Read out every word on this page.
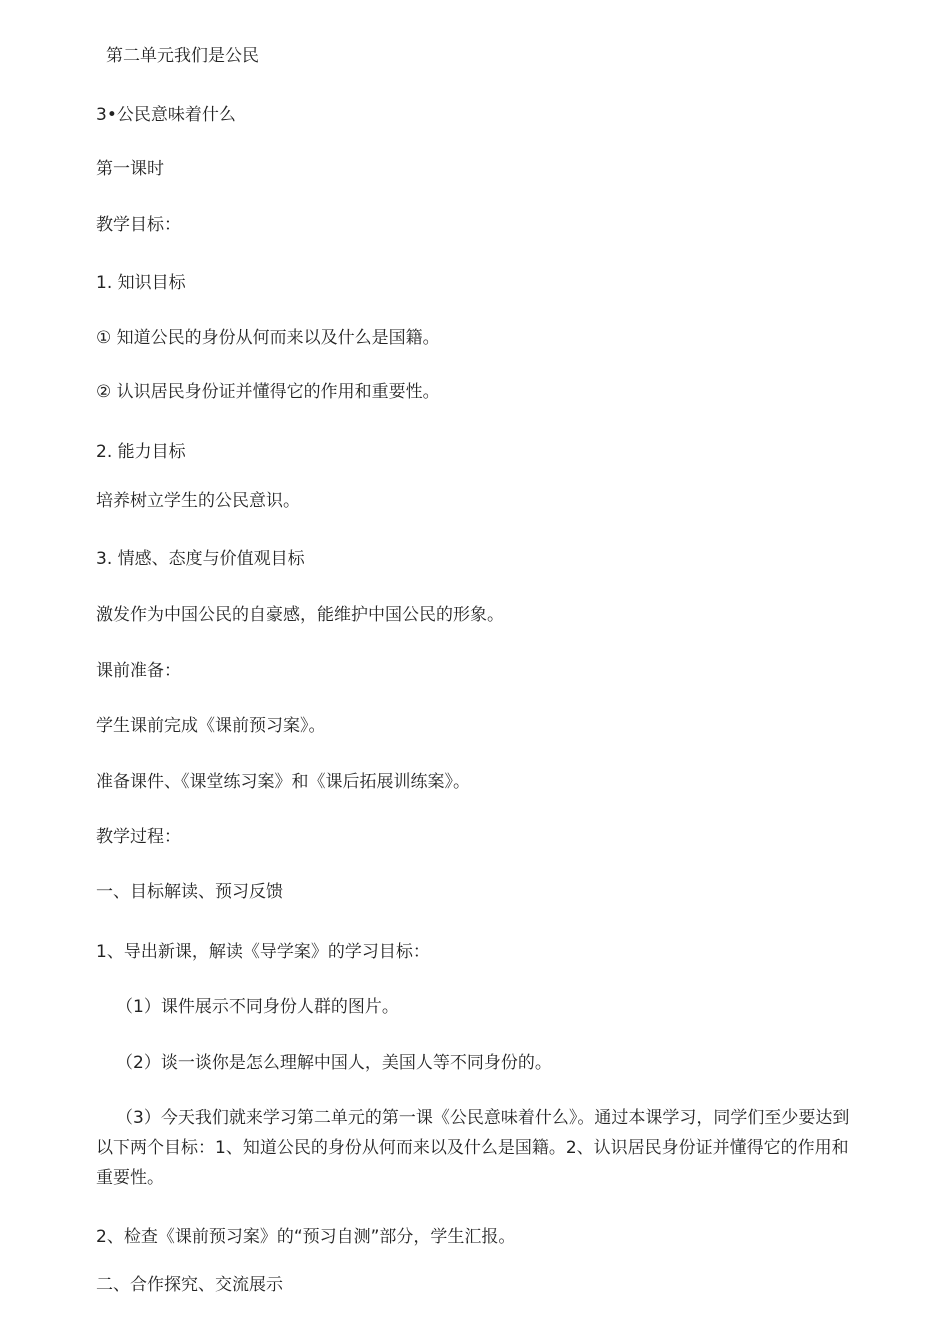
第二单元我们是公民
3•公民意味着什么
第一课时
教学目标：
1. 知识目标
① 知道公民的身份从何而来以及什么是国籍。
② 认识居民身份证并懂得它的作用和重要性。
2. 能力目标
培养树立学生的公民意识。
3. 情感、态度与价值观目标
激发作为中国公民的自豪感，能维护中国公民的形象。
课前准备：
学生课前完成《课前预习案》。
准备课件、《课堂练习案》和《课后拓展训练案》。
教学过程：
一、目标解读、预习反馈
1、导出新课，解读《导学案》的学习目标：
（1）课件展示不同身份人群的图片。
（2）谈一谈你是怎么理解中国人，美国人等不同身份的。
（3）今天我们就来学习第二单元的第一课《公民意味着什么》。通过本课学习，同学们至少要达到以下两个目标：1、知道公民的身份从何而来以及什么是国籍。2、认识居民身份证并懂得它的作用和重要性。
2、检查《课前预习案》的“预习自测”部分，学生汇报。
二、合作探究、交流展示
